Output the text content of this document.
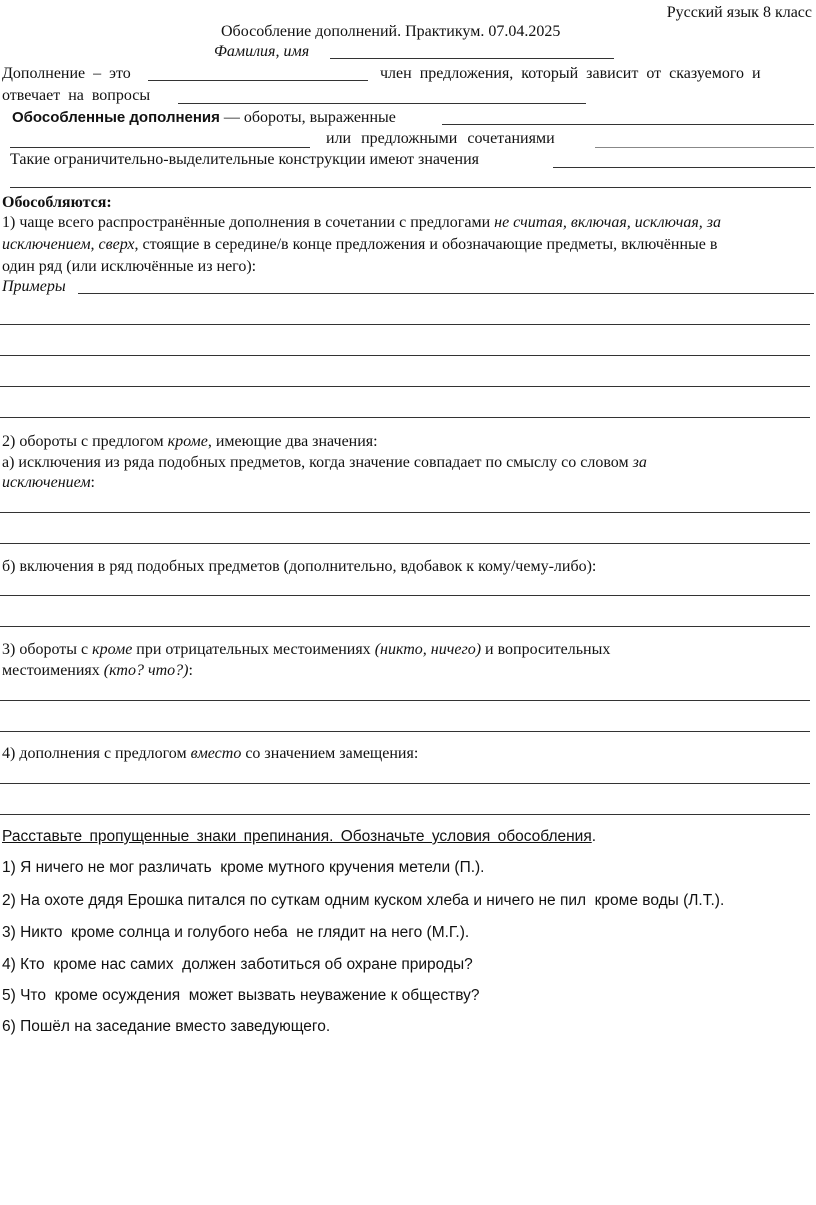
Русский язык 8 класс
Обособление дополнений. Практикум. 07.04.2025
Фамилия, имя
Дополнение – это	член предложения, который зависит от сказуемого и
отвечает на вопросы
Обособленные дополнения — обороты, выраженные
или предложными сочетаниями
Такие ограничительно-выделительные конструкции имеют значения
Обособляются:
1) чаще всего распространённые дополнения в сочетании с предлогами не считая, включая, исключая, за
исключением, сверх, стоящие в середине/в конце предложения и обозначающие предметы, включённые в
один ряд (или исключённые из него):
Примеры
2) обороты с предлогом кроме, имеющие два значения:
а) исключения из ряда подобных предметов, когда значение совпадает по смыслу со словом за
исключением:
б) включения в ряд подобных предметов (дополнительно, вдобавок к кому/чему-либо):
3) обороты с кроме при отрицательных местоимениях (никто, ничего) и вопросительных
местоимениях (кто? что?):
4) дополнения с предлогом вместо со значением замещения:
Расставьте пропущенные знаки препинания. Обозначьте условия обособления.
1) Я ничего не мог различать  кроме мутного кручения метели (П.).
2) На охоте дядя Ерошка питался по суткам одним куском хлеба и ничего не пил  кроме воды (Л.Т.).
3) Никто  кроме солнца и голубого неба  не глядит на него (М.Г.).
4) Кто  кроме нас самих  должен заботиться об охране природы?
5) Что  кроме осуждения  может вызвать неуважение к обществу?
6) Пошёл на заседание вместо заведующего.
